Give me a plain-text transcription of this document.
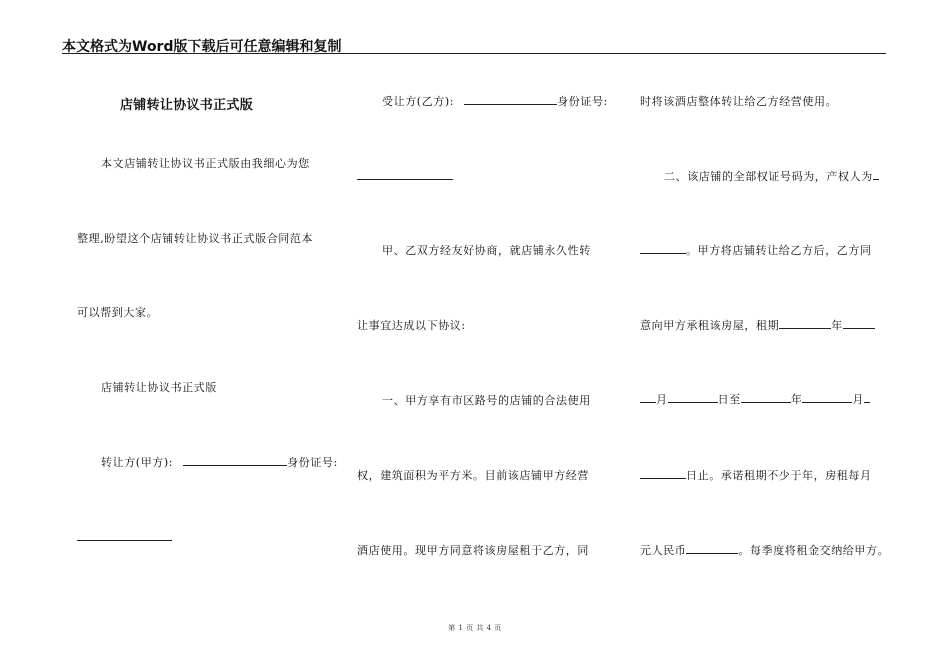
本文格式为Word版下载后可任意编辑和复制
店铺转让协议书正式版
本文店铺转让协议书正式版由我细心为您
整理,盼望这个店铺转让协议书正式版合同范本
可以帮到大家。
店铺转让协议书正式版
转让方(甲方):	身份证号:
受让方(乙方):	身份证号:
甲、乙双方经友好协商，就店铺永久性转
让事宜达成以下协议:
一、甲方享有市区路号的店铺的合法使用
权，建筑面积为平方米。目前该店铺甲方经营
酒店使用。现甲方同意将该房屋租于乙方，同
时将该酒店整体转让给乙方经营使用。
二、该店铺的全部权证号码为，产权人为
。甲方将店铺转让给乙方后，乙方同
意向甲方承租该房屋，租期	年
月	日至	年	月
日止。承诺租期不少于年，房租每月
元人民币	。每季度将租金交纳给甲方。
第 1 页 共 4 页
